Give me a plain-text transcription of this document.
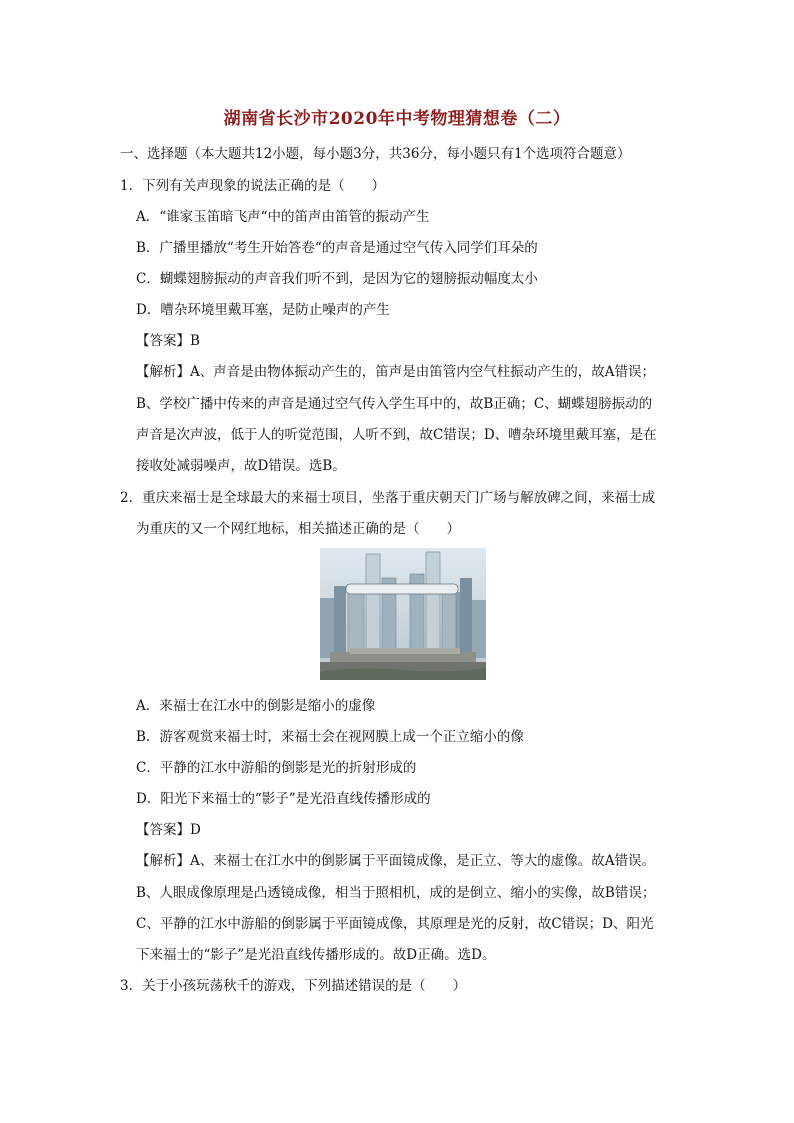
湖南省长沙市2020年中考物理猜想卷（二）
一、选择题（本大题共12小题，每小题3分，共36分，每小题只有1个选项符合题意）
1．下列有关声现象的说法正确的是（　　）
A．“谁家玉笛暗飞声“中的笛声由笛管的振动产生
B．广播里播放“考生开始答卷“的声音是通过空气传入同学们耳朵的
C．蝴蝶翅膀振动的声音我们听不到，是因为它的翅膀振动幅度太小
D．嘈杂环境里戴耳塞，是防止噪声的产生
【答案】B
【解析】A、声音是由物体振动产生的，笛声是由笛管内空气柱振动产生的，故A错误；
B、学校广播中传来的声音是通过空气传入学生耳中的，故B正确；C、蝴蝶翅膀振动的
声音是次声波，低于人的听觉范围，人听不到，故C错误；D、嘈杂环境里戴耳塞，是在
接收处减弱噪声，故D错误。选B。
2．重庆来福士是全球最大的来福士项目，坐落于重庆朝天门广场与解放碑之间，来福士成
为重庆的又一个网红地标，相关描述正确的是（　　）
A．来福士在江水中的倒影是缩小的虚像
B．游客观赏来福士时，来福士会在视网膜上成一个正立缩小的像
C．平静的江水中游船的倒影是光的折射形成的
D．阳光下来福士的“影子”是光沿直线传播形成的
【答案】D
【解析】A、来福士在江水中的倒影属于平面镜成像，是正立、等大的虚像。故A错误。
B、人眼成像原理是凸透镜成像，相当于照相机，成的是倒立、缩小的实像，故B错误；
C、平静的江水中游船的倒影属于平面镜成像，其原理是光的反射，故C错误；D、阳光
下来福士的“影子”是光沿直线传播形成的。故D正确。选D。
3．关于小孩玩荡秋千的游戏，下列描述错误的是（　　）
